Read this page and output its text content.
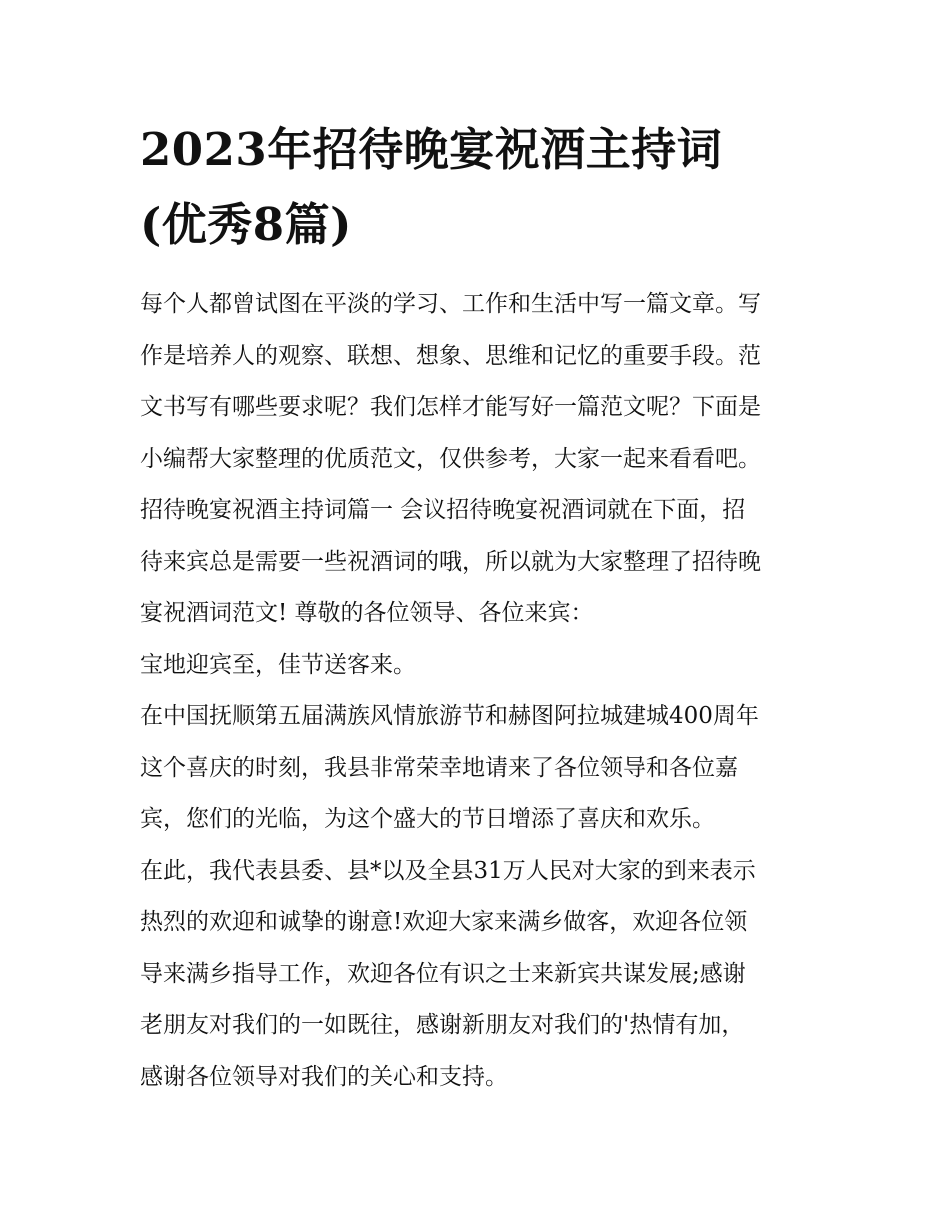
2023年招待晚宴祝酒主持词
(优秀8篇)
每个人都曾试图在平淡的学习、工作和生活中写一篇文章。写
作是培养人的观察、联想、想象、思维和记忆的重要手段。范
文书写有哪些要求呢？我们怎样才能写好一篇范文呢？下面是
小编帮大家整理的优质范文，仅供参考，大家一起来看看吧。
招待晚宴祝酒主持词篇一 会议招待晚宴祝酒词就在下面，招
待来宾总是需要一些祝酒词的哦，所以就为大家整理了招待晚
宴祝酒词范文! 尊敬的各位领导、各位来宾：
宝地迎宾至，佳节送客来。
在中国抚顺第五届满族风情旅游节和赫图阿拉城建城400周年
这个喜庆的时刻，我县非常荣幸地请来了各位领导和各位嘉
宾，您们的光临，为这个盛大的节日增添了喜庆和欢乐。
在此，我代表县委、县*以及全县31万人民对大家的到来表示
热烈的欢迎和诚挚的谢意!欢迎大家来满乡做客，欢迎各位领
导来满乡指导工作，欢迎各位有识之士来新宾共谋发展;感谢
老朋友对我们的一如既往，感谢新朋友对我们的'热情有加，
感谢各位领导对我们的关心和支持。
